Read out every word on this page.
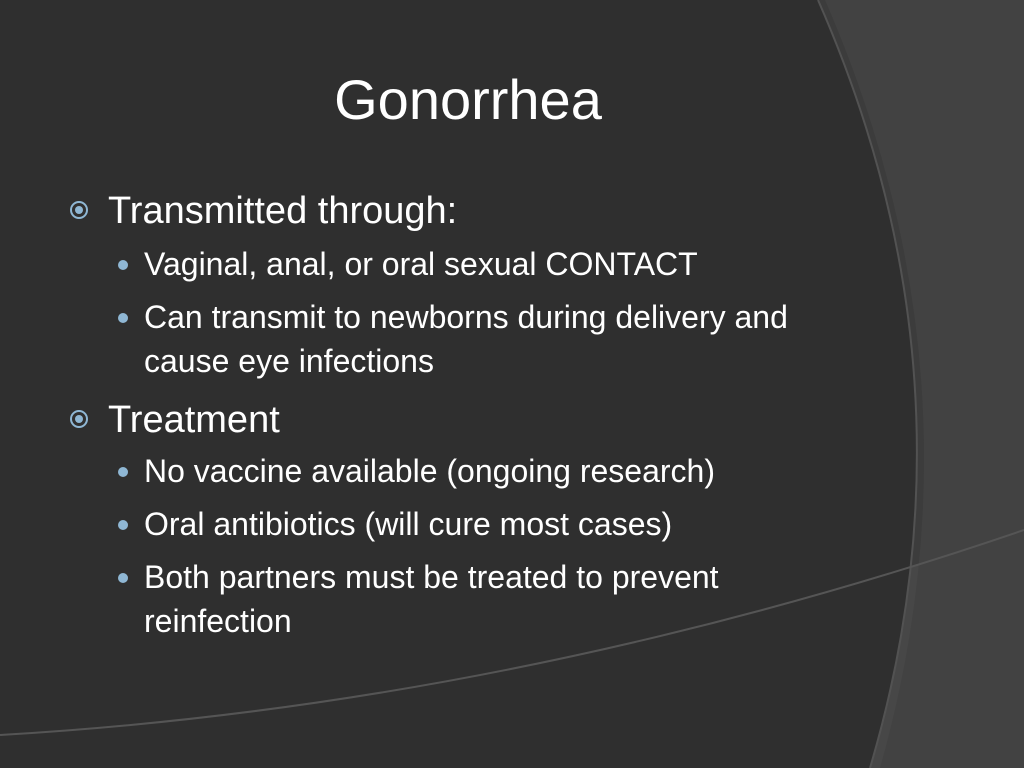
Gonorrhea
Transmitted through:
Vaginal, anal, or oral sexual CONTACT
Can transmit to newborns during delivery and cause eye infections
Treatment
No vaccine available (ongoing research)
Oral antibiotics (will cure most cases)
Both partners must be treated to prevent reinfection
